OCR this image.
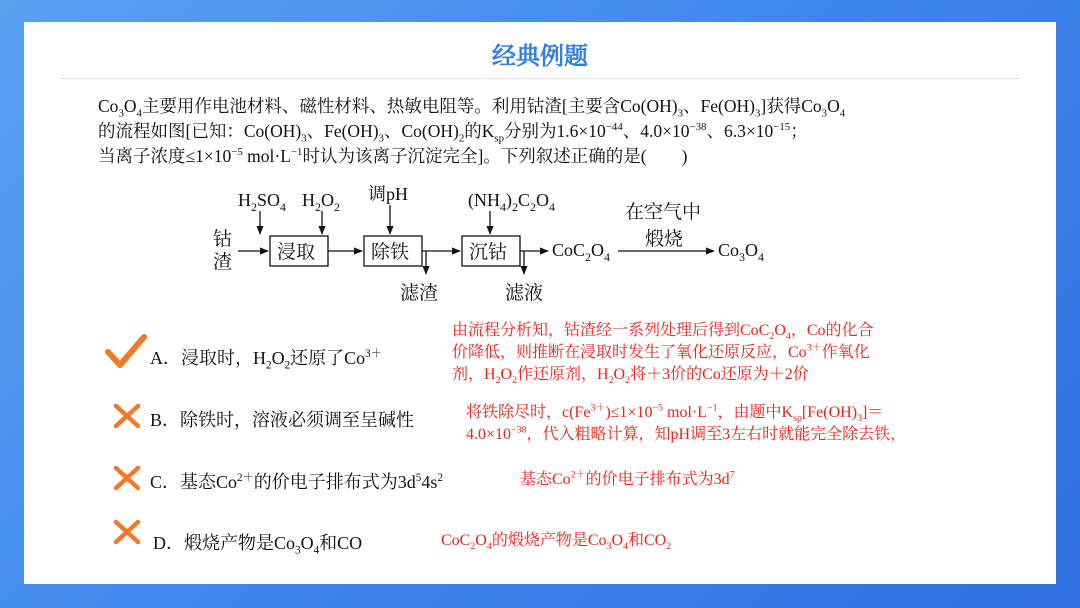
经典例题

$Co_3O_4$主要用作电池材料、磁性材料、热敏电阻等。利用钴渣[主要含$Co(OH)_3$、$Fe(OH)_3$]获得$Co_3O_4$

的流程如图[已知：$Co(OH)_3$、$Fe(OH)_3$、$Co(OH)_2$的$K_{sp}$分别为$1.6\times 10^{-44}$、$4.0\times 10^{-38}$、$6.3\times 10^{-15}$；

当离子浓度$\le 1\times 10^{-5}$ $mol\cdot L^{-1}$时认为该离子沉淀完全]。下列叙述正确的是(　　)

钴
渣
$H_2SO_4$ $H_2O_2$
调pH	$(NH_4)_2C_2O_4$
浸取	除铁	沉钴
滤渣	滤液
$CoC_2O_4$
在空气中
煅烧 $Co_3O_4$
A．浸取时，$H_2O_2$还原了$Co^{3+}$

由流程分析知，钴渣经一系列处理后得到$CoC_2O_4$，Co的化合

价降低，则推断在浸取时发生了氧化还原反应，$Co^{3+}$作氧化

剂，$H_2O_2$作还原剂，$H_2O_2$将＋3价的Co还原为＋2价

B．除铁时，溶液必须调至呈碱性	将铁除尽时，$c(Fe^{3+})\le 1\times 10^{-5}$ $mol\cdot L^{-1}$，由题中$K_{sp}[Fe(OH)_3]=$

$4.0\times 10^{-38}$，代入粗略计算，知pH调至3左右时就能完全除去铁，

C．基态$Co^{2+}$的价电子排布式为$3d^54s^2$	基态$Co^{2+}$的价电子排布式为$3d^7$

D．煅烧产物是$Co_3O_4$和CO	$CoC_2O_4$的煅烧产物是$Co_3O_4$和$CO_2$
